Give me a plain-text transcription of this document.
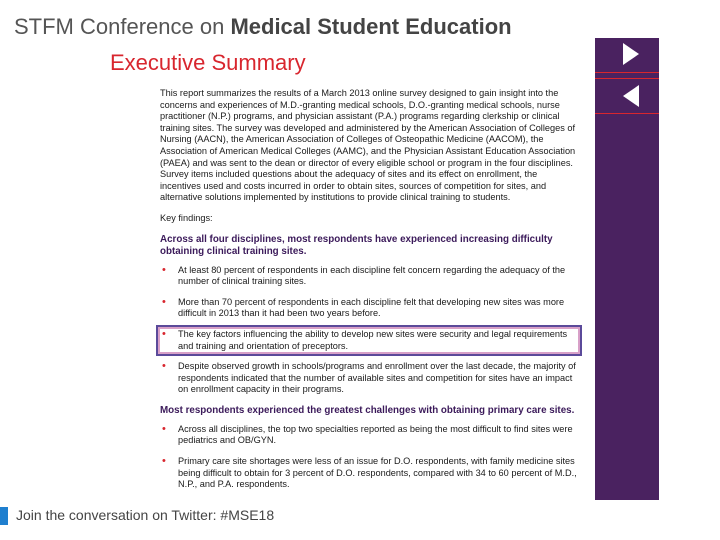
STFM Conference on Medical Student Education
Executive Summary

This report summarizes the results of a March 2013 online survey designed to gain insight into the concerns and experiences of M.D.-granting medical schools, D.O.-granting medical schools, nurse practitioner (N.P.) programs, and physician assistant (P.A.) programs regarding clerkship or clinical training sites. The survey was developed and administered by the American Association of Colleges of Nursing (AACN), the American Association of Colleges of Osteopathic Medicine (AACOM), the Association of American Medical Colleges (AAMC), and the Physician Assistant Education Association (PAEA) and was sent to the dean or director of every eligible school or program in the four disciplines. Survey items included questions about the adequacy of sites and its effect on enrollment, the incentives used and costs incurred in order to obtain sites, sources of competition for sites, and alternative solutions implemented by institutions to provide clinical training to students.

Key findings:

Across all four disciplines, most respondents have experienced increasing difficulty obtaining clinical training sites.

• At least 80 percent of respondents in each discipline felt concern regarding the adequacy of the number of clinical training sites.
• More than 70 percent of respondents in each discipline felt that developing new sites was more difficult in 2013 than it had been two years before.
• The key factors influencing the ability to develop new sites were security and legal requirements and training and orientation of preceptors.
• Despite observed growth in schools/programs and enrollment over the last decade, the majority of respondents indicated that the number of available sites and competition for sites have an impact on enrollment capacity in their programs.

Most respondents experienced the greatest challenges with obtaining primary care sites.

• Across all disciplines, the top two specialties reported as being the most difficult to find sites were pediatrics and OB/GYN.
• Primary care site shortages were less of an issue for D.O. respondents, with family medicine sites being difficult to obtain for 3 percent of D.O. respondents, compared with 34 to 60 percent of M.D., N.P., and P.A. respondents.
Join the conversation on Twitter: #MSE18
